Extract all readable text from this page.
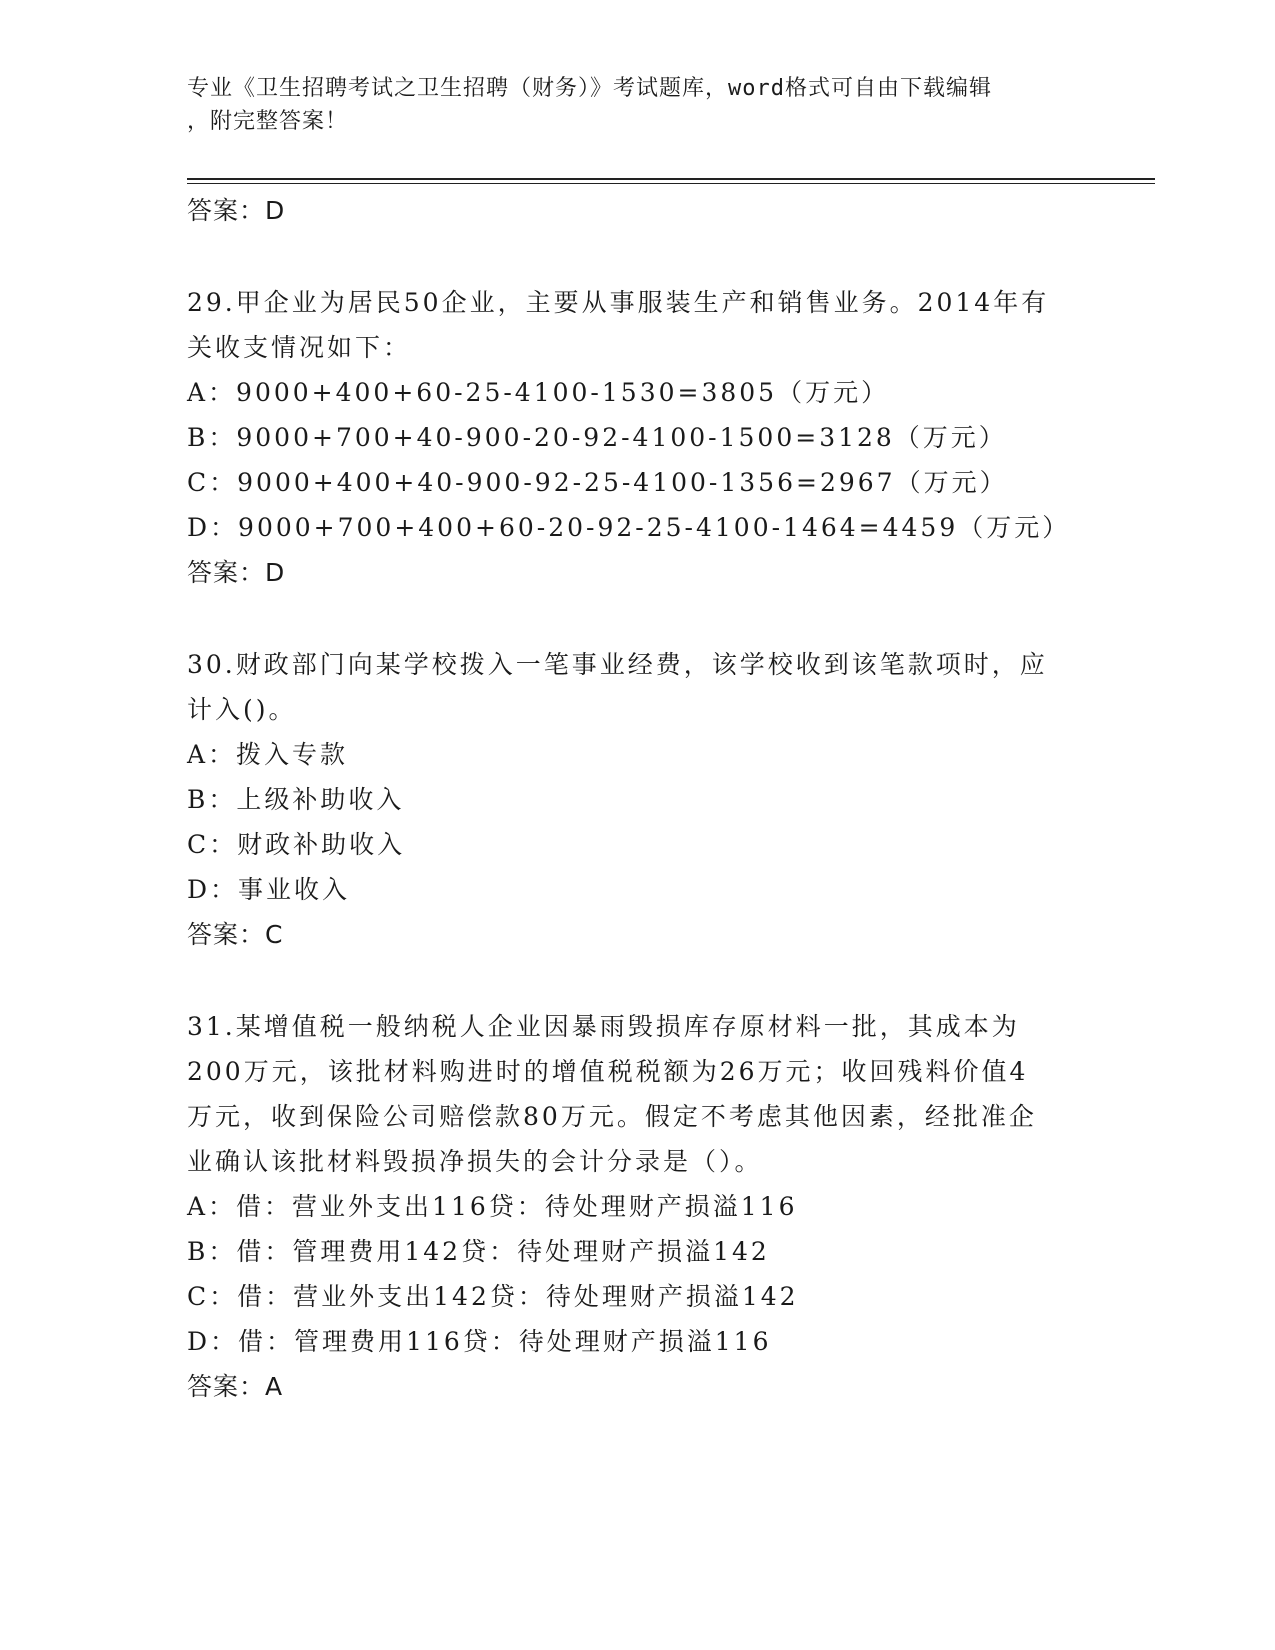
专业《卫生招聘考试之卫生招聘（财务）》考试题库，word格式可自由下载编辑
，附完整答案！
答案：D
29.甲企业为居民50企业，主要从事服装生产和销售业务。2014年有
关收支情况如下：
A：9000+400+60-25-4100-1530=3805（万元）
B：9000+700+40-900-20-92-4100-1500=3128（万元）
C：9000+400+40-900-92-25-4100-1356=2967（万元）
D：9000+700+400+60-20-92-25-4100-1464=4459（万元）
答案：D
30.财政部门向某学校拨入一笔事业经费，该学校收到该笔款项时，应
计入()。
A：拨入专款
B：上级补助收入
C：财政补助收入
D：事业收入
答案：C
31.某增值税一般纳税人企业因暴雨毁损库存原材料一批，其成本为
200万元，该批材料购进时的增值税税额为26万元；收回残料价值4
万元，收到保险公司赔偿款80万元。假定不考虑其他因素，经批准企
业确认该批材料毁损净损失的会计分录是（）。
A：借：营业外支出116贷：待处理财产损溢116
B：借：管理费用142贷：待处理财产损溢142
C：借：营业外支出142贷：待处理财产损溢142
D：借：管理费用116贷：待处理财产损溢116
答案：A
